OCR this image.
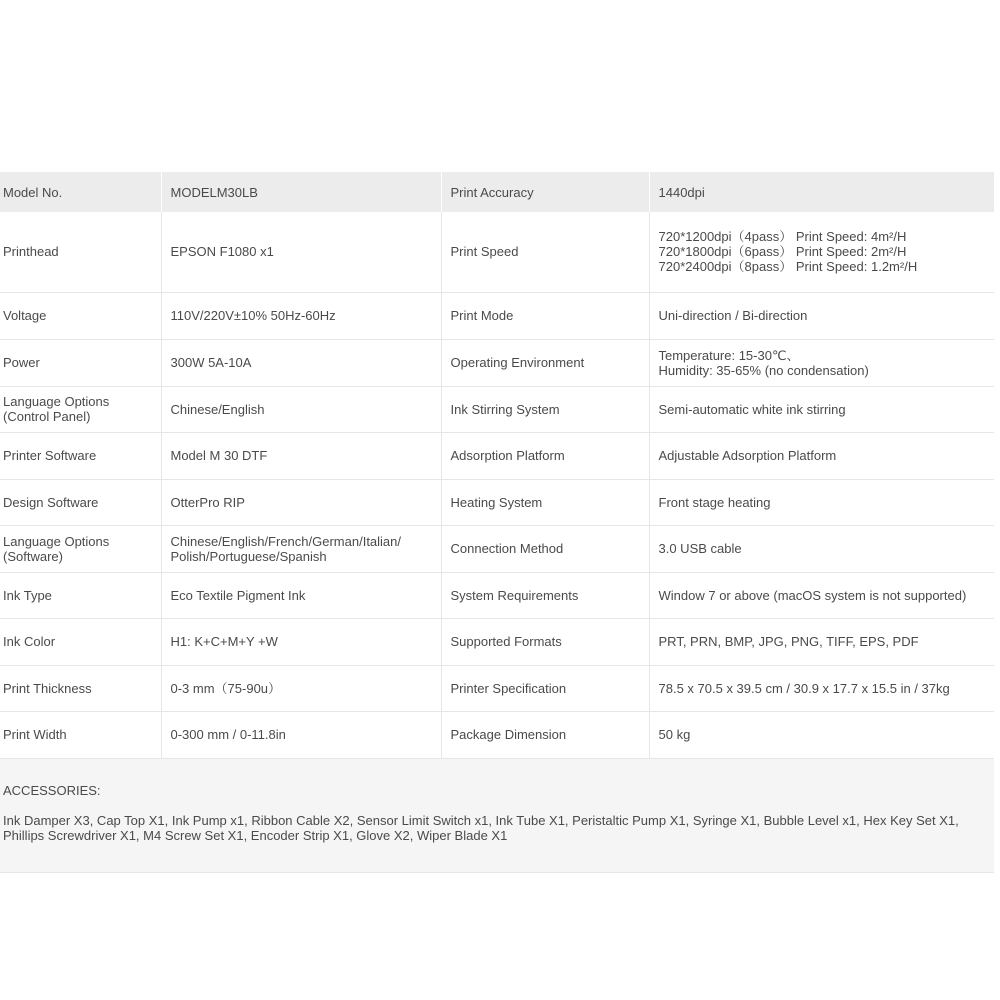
Model No.	MODELM30LB	Print Accuracy	1440dpi
Printhead	EPSON F1080 x1	Print Speed	720*1200dpi（4pass） Print Speed: 4m²/H
720*1800dpi（6pass） Print Speed: 2m²/H
720*2400dpi（8pass） Print Speed: 1.2m²/H
Voltage	110V/220V±10% 50Hz-60Hz	Print Mode	Uni-direction / Bi-direction
Power	300W 5A-10A	Operating Environment	Temperature: 15-30℃、
Humidity: 35-65% (no condensation)
Language Options
(Control Panel)	Chinese/English	Ink Stirring System	Semi-automatic white ink stirring
Printer Software	Model M 30 DTF	Adsorption Platform	Adjustable Adsorption Platform
Design Software	OtterPro RIP	Heating System	Front stage heating
Language Options
(Software)	Chinese/English/French/German/Italian/
Polish/Portuguese/Spanish	Connection Method	3.0 USB cable
Ink Type	Eco Textile Pigment Ink	System Requirements	Window 7 or above (macOS system is not supported)
Ink Color	H1: K+C+M+Y +W	Supported Formats	PRT, PRN, BMP, JPG, PNG, TIFF, EPS, PDF
Print Thickness	0-3 mm（75-90u）	Printer Specification	78.5 x 70.5 x 39.5 cm / 30.9 x 17.7 x 15.5 in / 37kg
Print Width	0-300 mm / 0-11.8in	Package Dimension	50 kg

ACCESSORIES:

Ink Damper X3, Cap Top X1, Ink Pump x1, Ribbon Cable X2, Sensor Limit Switch x1, Ink Tube X1, Peristaltic Pump X1, Syringe X1, Bubble Level x1, Hex Key Set X1, Phillips Screwdriver X1, M4 Screw Set X1, Encoder Strip X1, Glove X2, Wiper Blade X1			
